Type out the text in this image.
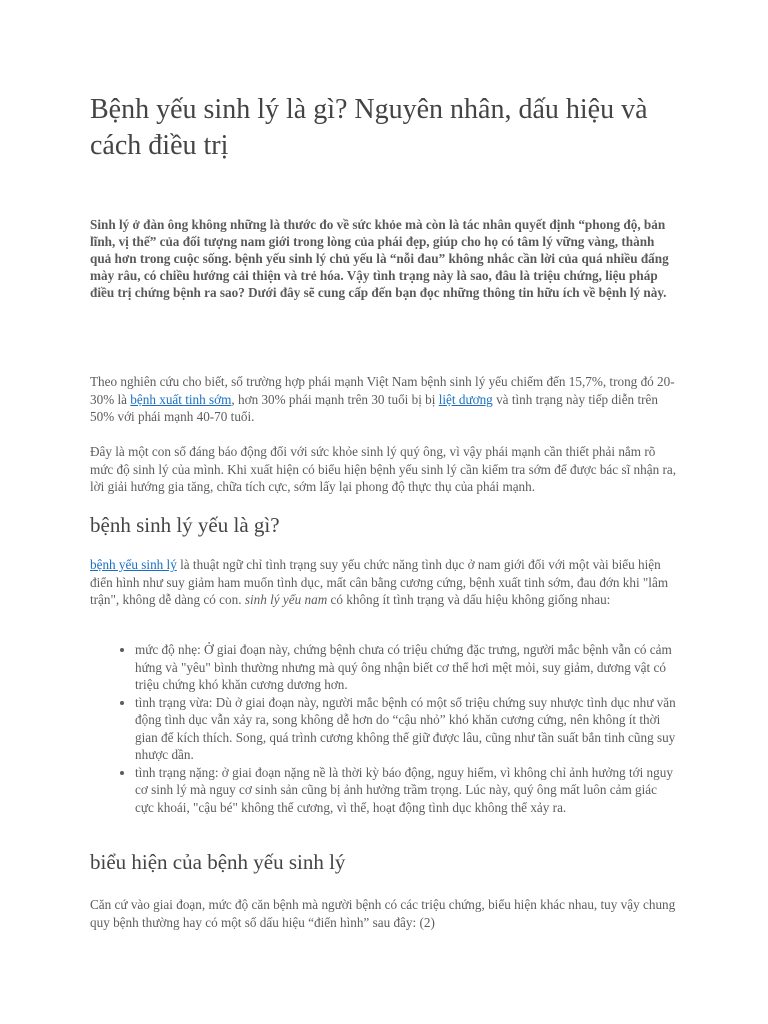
Bệnh yếu sinh lý là gì? Nguyên nhân, dấu hiệu và cách điều trị

Sinh lý ở đàn ông không những là thước đo về sức khỏe mà còn là tác nhân quyết định “phong độ, bản lĩnh, vị thế” của đối tượng nam giới trong lòng của phái đẹp, giúp cho họ có tâm lý vững vàng, thành quả hơn trong cuộc sống. bệnh yếu sinh lý chủ yếu là “nỗi đau” không nhắc cần lời của quá nhiều đấng mày râu, có chiều hướng cải thiện và trẻ hóa. Vậy tình trạng này là sao, đâu là triệu chứng, liệu pháp điều trị chứng bệnh ra sao? Dưới đây sẽ cung cấp đến bạn đọc những thông tin hữu ích về bệnh lý này.

Theo nghiên cứu cho biết, số trường hợp phái mạnh Việt Nam bệnh sinh lý yếu chiếm đến 15,7%, trong đó 20-30% là bệnh xuất tinh sớm, hơn 30% phái mạnh trên 30 tuổi bị bị liệt dương và tình trạng này tiếp diễn trên 50% với phái mạnh 40-70 tuổi.

Đây là một con số đáng báo động đối với sức khỏe sinh lý quý ông, vì vậy phái mạnh cần thiết phải nắm rõ mức độ sinh lý của mình. Khi xuất hiện có biểu hiện bệnh yếu sinh lý cần kiểm tra sớm để được bác sĩ nhận ra, lời giải hướng gia tăng, chữa tích cực, sớm lấy lại phong độ thực thụ của phái mạnh.

bệnh sinh lý yếu là gì?

bệnh yếu sinh lý là thuật ngữ chỉ tình trạng suy yếu chức năng tình dục ở nam giới đối với một vài biểu hiện điển hình như suy giảm ham muốn tình dục, mất cân bằng cương cứng, bệnh xuất tinh sớm, đau đớn khi "lâm trận", không dễ dàng có con. sinh lý yếu nam có không ít tình trạng và dấu hiệu không giống nhau:

• mức độ nhẹ: Ở giai đoạn này, chứng bệnh chưa có triệu chứng đặc trưng, người mắc bệnh vẫn có cảm hứng và "yêu" bình thường nhưng mà quý ông nhận biết cơ thể hơi mệt mỏi, suy giảm, dương vật có triệu chứng khó khăn cương dương hơn.
• tình trạng vừa: Dù ở giai đoạn này, người mắc bệnh có một số triệu chứng suy nhược tình dục như văn động tình dục vẫn xảy ra, song không dễ hơn do “cậu nhỏ” khó khăn cương cứng, nên không ít thời gian để kích thích. Song, quá trình cương không thể giữ được lâu, cũng như tần suất bắn tinh cũng suy nhược dần.
• tình trạng nặng: ở giai đoạn nặng nề là thời kỳ báo động, nguy hiểm, vì không chỉ ảnh hưởng tới nguy cơ sinh lý mà nguy cơ sinh sản cũng bị ảnh hưởng trầm trọng. Lúc này, quý ông mất luôn cảm giác cực khoái, "cậu bé" không thể cương, vì thế, hoạt động tình dục không thể xảy ra.
biểu hiện của bệnh yếu sinh lý

Căn cứ vào giai đoạn, mức độ căn bệnh mà người bệnh có các triệu chứng, biểu hiện khác nhau, tuy vậy chung quy bệnh thường hay có một số dấu hiệu “điển hình” sau đây: (2)
